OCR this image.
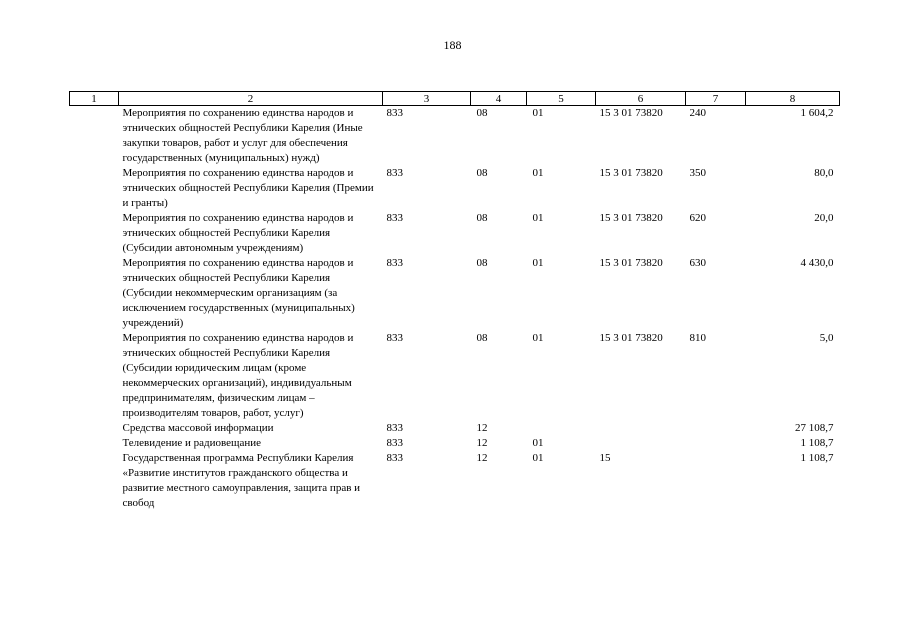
188
1	2	3	4	5	6	7	8
	Мероприятия по сохранению единства народов и этнических общностей Республики Карелия (Иные закупки товаров, работ и услуг для обеспечения государственных (муниципальных) нужд)	833	08	01	15 3 01 73820	240	1 604,2
	Мероприятия по сохранению единства народов и этнических общностей Республики Карелия (Премии и гранты)	833	08	01	15 3 01 73820	350	80,0
	Мероприятия по сохранению единства народов и этнических общностей Республики Карелия (Субсидии автономным учреждениям)	833	08	01	15 3 01 73820	620	20,0
	Мероприятия по сохранению единства народов и этнических общностей Республики Карелия (Субсидии некоммерческим организациям (за исключением государственных (муниципальных) учреждений)	833	08	01	15 3 01 73820	630	4 430,0
	Мероприятия по сохранению единства народов и этнических общностей Республики Карелия (Субсидии юридическим лицам (кроме некоммерческих организаций), индивидуальным предпринимателям, физическим лицам – производителям товаров, работ, услуг)	833	08	01	15 3 01 73820	810	5,0
	Средства массовой информации	833	12				27 108,7
	Телевидение и радиовещание	833	12	01			1 108,7
	Государственная программа Республики Карелия «Развитие институтов гражданского общества и развитие местного самоуправления, защита прав и свобод	833	12	01	15		1 108,7
